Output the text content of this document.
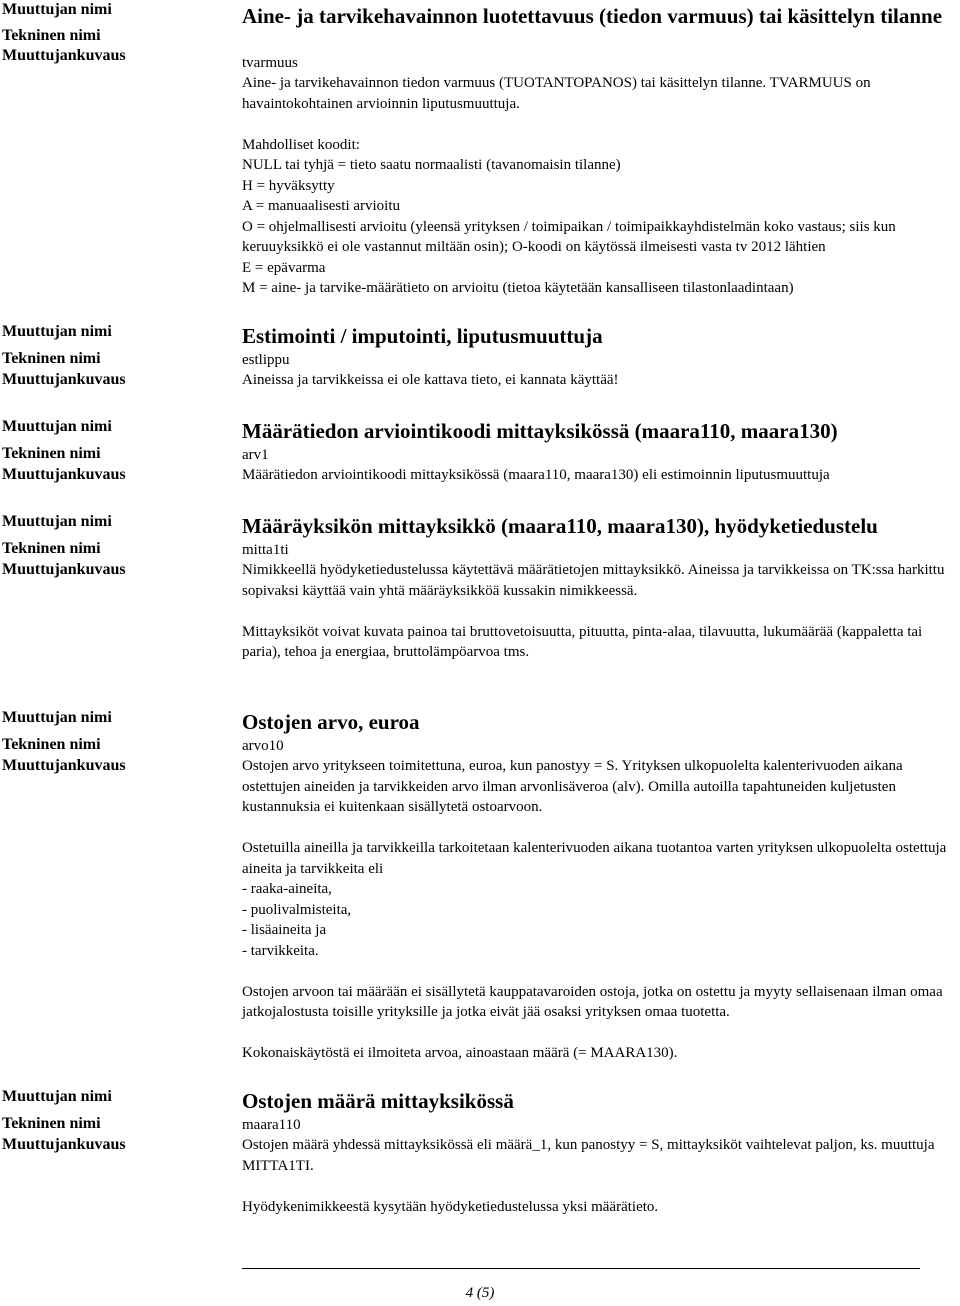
Muuttujan nimi
Tekninen nimi
Muuttujankuvaus
Aine- ja tarvikehavainnon luotettavuus (tiedon varmuus) tai käsittelyn tilanne
tvarmuus

Aine- ja tarvikehavainnon tiedon varmuus (TUOTANTOPANOS) tai käsittelyn tilanne. TVARMUUS on havaintokohtainen arvioinnin liputusmuuttuja.

Mahdolliset koodit:

NULL tai tyhjä = tieto saatu normaalisti (tavanomaisin tilanne)

H = hyväksytty

A = manuaalisesti arvioitu

O = ohjelmallisesti arvioitu (yleensä yrityksen / toimipaikan / toimipaikkayhdistelmän koko vastaus; siis kun keruuyksikkö ei ole vastannut miltään osin); O-koodi on käytössä ilmeisesti vasta tv 2012 lähtien

E = epävarma

M = aine- ja tarvike-määrätieto on arvioitu (tietoa käytetään kansalliseen tilastonlaadintaan)

Muuttujan nimi
Tekninen nimi
Muuttujankuvaus
Estimointi / imputointi, liputusmuuttuja
estlippu

Aineissa ja tarvikkeissa ei ole kattava tieto, ei kannata käyttää!

Muuttujan nimi
Tekninen nimi
Muuttujankuvaus
Määrätiedon arviointikoodi mittayksikössä (maara110, maara130)
arv1

Määrätiedon arviointikoodi mittayksikössä (maara110, maara130) eli estimoinnin liputusmuuttuja

Muuttujan nimi
Tekninen nimi
Muuttujankuvaus
Määräyksikön mittayksikkö (maara110, maara130), hyödyketiedustelu
mitta1ti

Nimikkeellä hyödyketiedustelussa käytettävä määrätietojen mittayksikkö. Aineissa ja tarvikkeissa on TK:ssa harkittu sopivaksi käyttää vain yhtä määräyksikköä kussakin nimikkeessä.

Mittayksiköt voivat kuvata painoa tai bruttovetoisuutta, pituutta, pinta-alaa, tilavuutta, lukumäärää (kappaletta tai paria), tehoa ja energiaa, bruttolämpöarvoa tms.

Muuttujan nimi
Tekninen nimi
Muuttujankuvaus
Ostojen arvo, euroa
arvo10

Ostojen arvo yritykseen toimitettuna, euroa, kun panostyy = S. Yrityksen ulkopuolelta kalenterivuoden aikana ostettujen aineiden ja tarvikkeiden arvo ilman arvonlisäveroa (alv). Omilla autoilla tapahtuneiden kuljetusten kustannuksia ei kuitenkaan sisällytetä ostoarvoon.

Ostetuilla aineilla ja tarvikkeilla tarkoitetaan kalenterivuoden aikana tuotantoa varten yrityksen ulkopuolelta ostettuja aineita ja tarvikkeita eli

- raaka-aineita,

- puolivalmisteita,

- lisäaineita ja

- tarvikkeita.

Ostojen arvoon tai määrään ei sisällytetä kauppatavaroiden ostoja, jotka on ostettu ja myyty sellaisenaan ilman omaa jatkojalostusta toisille yrityksille ja jotka eivät jää osaksi yrityksen omaa tuotetta.

Kokonaiskäytöstä ei ilmoiteta arvoa, ainoastaan määrä (= MAARA130).

Muuttujan nimi
Tekninen nimi
Muuttujankuvaus
Ostojen määrä mittayksikössä
maara110

Ostojen määrä yhdessä mittayksikössä eli määrä_1, kun panostyy = S, mittayksiköt vaihtelevat paljon, ks. muuttuja MITTA1TI.

Hyödykenimikkeestä kysytään hyödyketiedustelussa yksi määrätieto.

4 (5)
